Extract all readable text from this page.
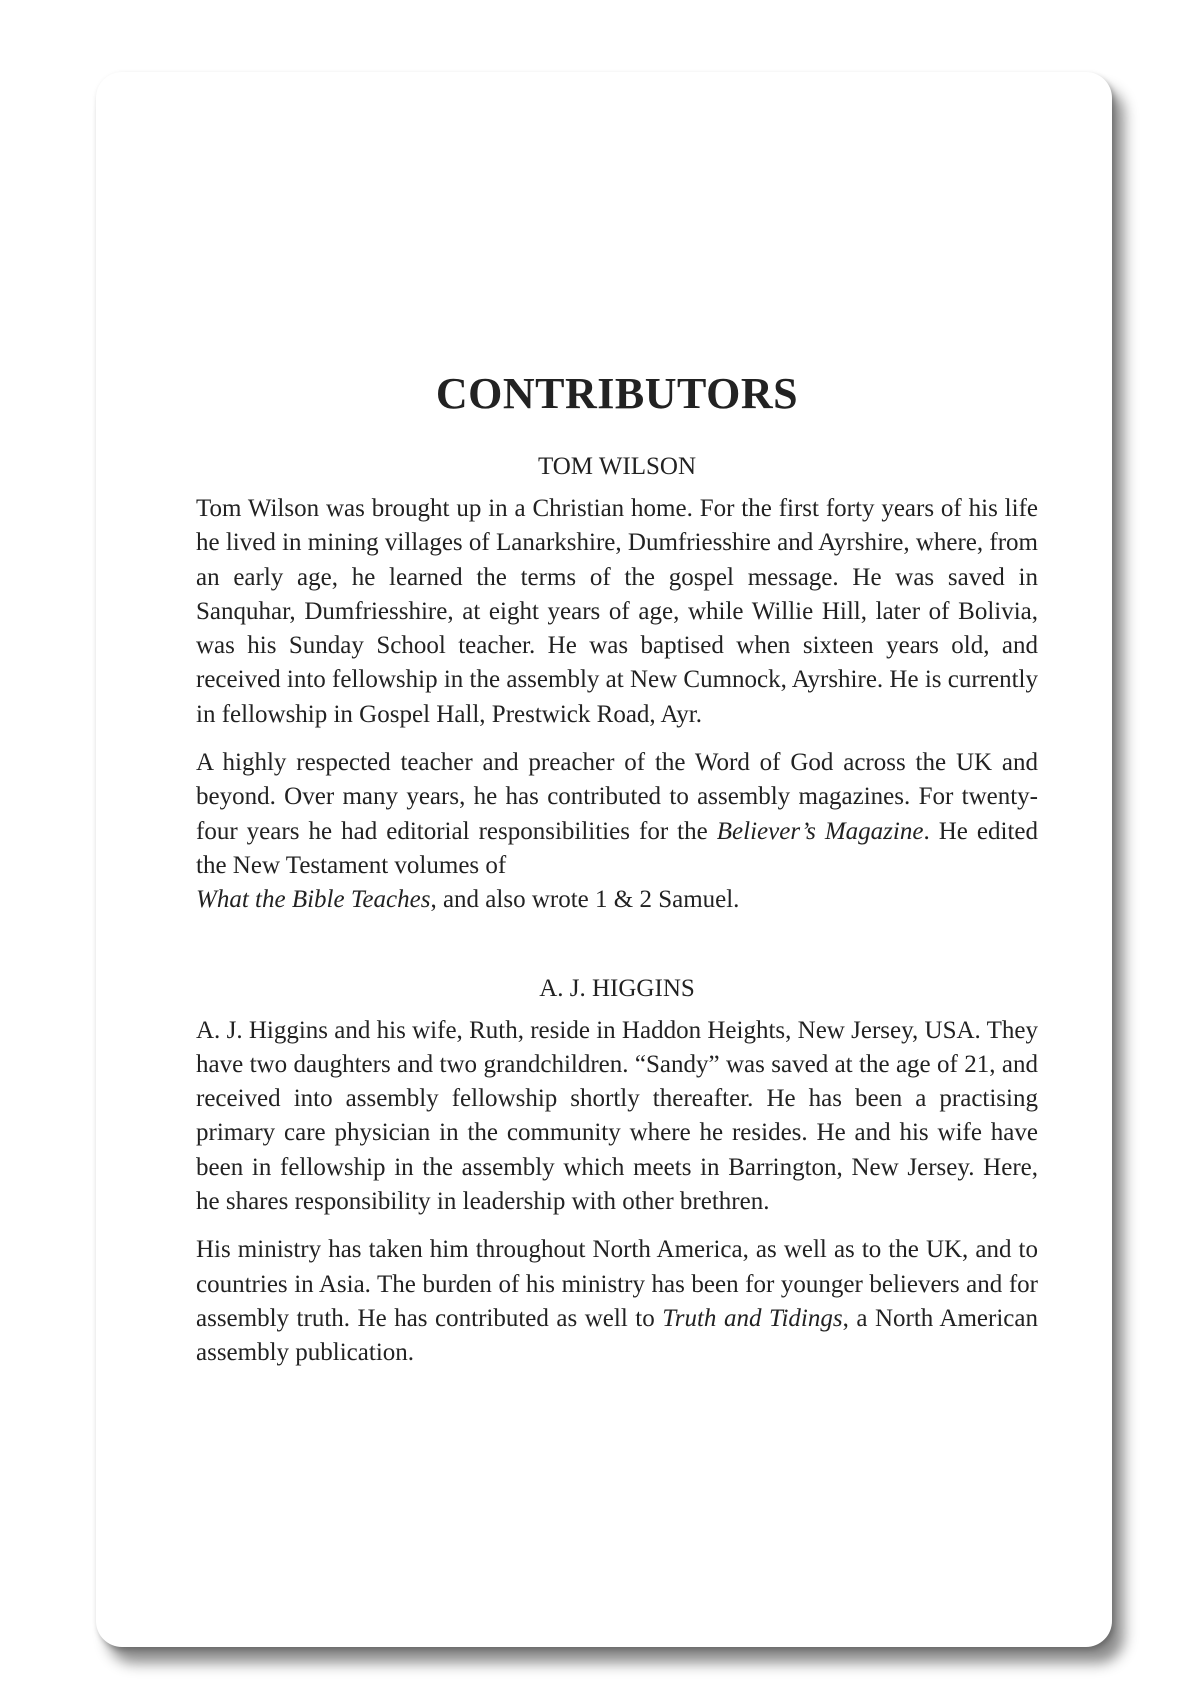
CONTRIBUTORS
TOM WILSON

Tom Wilson was brought up in a Christian home. For the first forty years of his life he lived in mining villages of Lanarkshire, Dumfriesshire and Ayrshire, where, from an early age, he learned the terms of the gospel message. He was saved in Sanquhar, Dumfriesshire, at eight years of age, while Willie Hill, later of Bolivia, was his Sunday School teacher. He was baptised when sixteen years old, and received into fellowship in the assembly at New Cumnock, Ayrshire. He is currently in fellowship in Gospel Hall, Prestwick Road, Ayr.

A highly respected teacher and preacher of the Word of God across the UK and beyond. Over many years, he has contributed to assembly magazines. For twenty-four years he had editorial responsibilities for the Believer’s Magazine. He edited the New Testament volumes of
What the Bible Teaches, and also wrote 1 & 2 Samuel.

A. J. HIGGINS

A. J. Higgins and his wife, Ruth, reside in Haddon Heights, New Jersey, USA. They have two daughters and two grandchildren. “Sandy” was saved at the age of 21, and received into assembly fellowship shortly thereafter. He has been a practising primary care physician in the community where he resides. He and his wife have been in fellowship in the assembly which meets in Barrington, New Jersey. Here, he shares responsibility in leadership with other brethren.

His ministry has taken him throughout North America, as well as to the UK, and to countries in Asia. The burden of his ministry has been for younger believers and for assembly truth. He has contributed as well to Truth and Tidings, a North American assembly publication.
